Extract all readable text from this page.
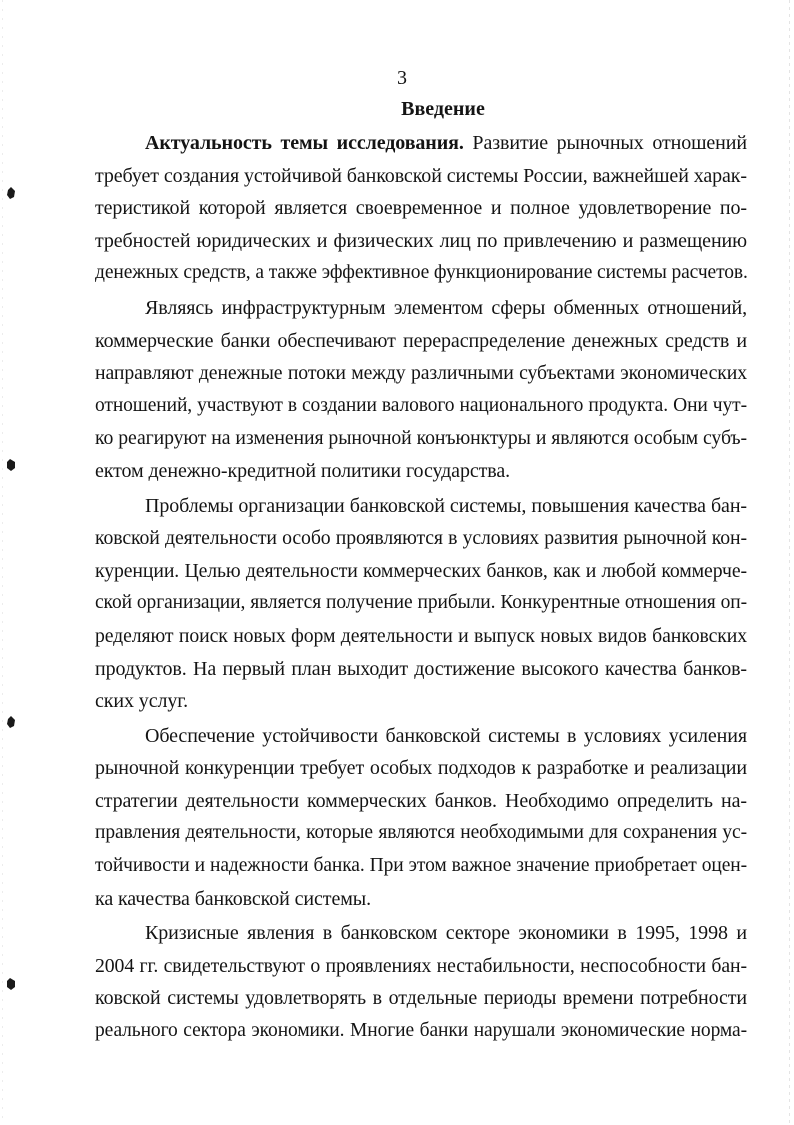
3
Введение
Актуальность темы исследования. Развитие рыночных отношений
требует создания устойчивой банковской системы России, важнейшей харак-
теристикой которой является своевременное и полное удовлетворение по-
требностей юридических и физических лиц по привлечению и размещению
денежных средств, а также эффективное функционирование системы расчетов.
Являясь инфраструктурным элементом сферы обменных отношений,
коммерческие банки обеспечивают перераспределение денежных средств и
направляют денежные потоки между различными субъектами экономических
отношений, участвуют в создании валового национального продукта. Они чут-
ко реагируют на изменения рыночной конъюнктуры и являются особым субъ-
ектом денежно-кредитной политики государства.
Проблемы организации банковской системы, повышения качества бан-
ковской деятельности особо проявляются в условиях развития рыночной кон-
куренции. Целью деятельности коммерческих банков, как и любой коммерче-
ской организации, является получение прибыли. Конкурентные отношения оп-
ределяют поиск новых форм деятельности и выпуск новых видов банковских
продуктов. На первый план выходит достижение высокого качества банков-
ских услуг.
Обеспечение устойчивости банковской системы в условиях усиления
рыночной конкуренции требует особых подходов к разработке и реализации
стратегии деятельности коммерческих банков. Необходимо определить на-
правления деятельности, которые являются необходимыми для сохранения ус-
тойчивости и надежности банка. При этом важное значение приобретает оцен-
ка качества банковской системы.
Кризисные явления в банковском секторе экономики в 1995, 1998 и
2004 гг. свидетельствуют о проявлениях нестабильности, неспособности бан-
ковской системы удовлетворять в отдельные периоды времени потребности
реального сектора экономики. Многие банки нарушали экономические норма-
